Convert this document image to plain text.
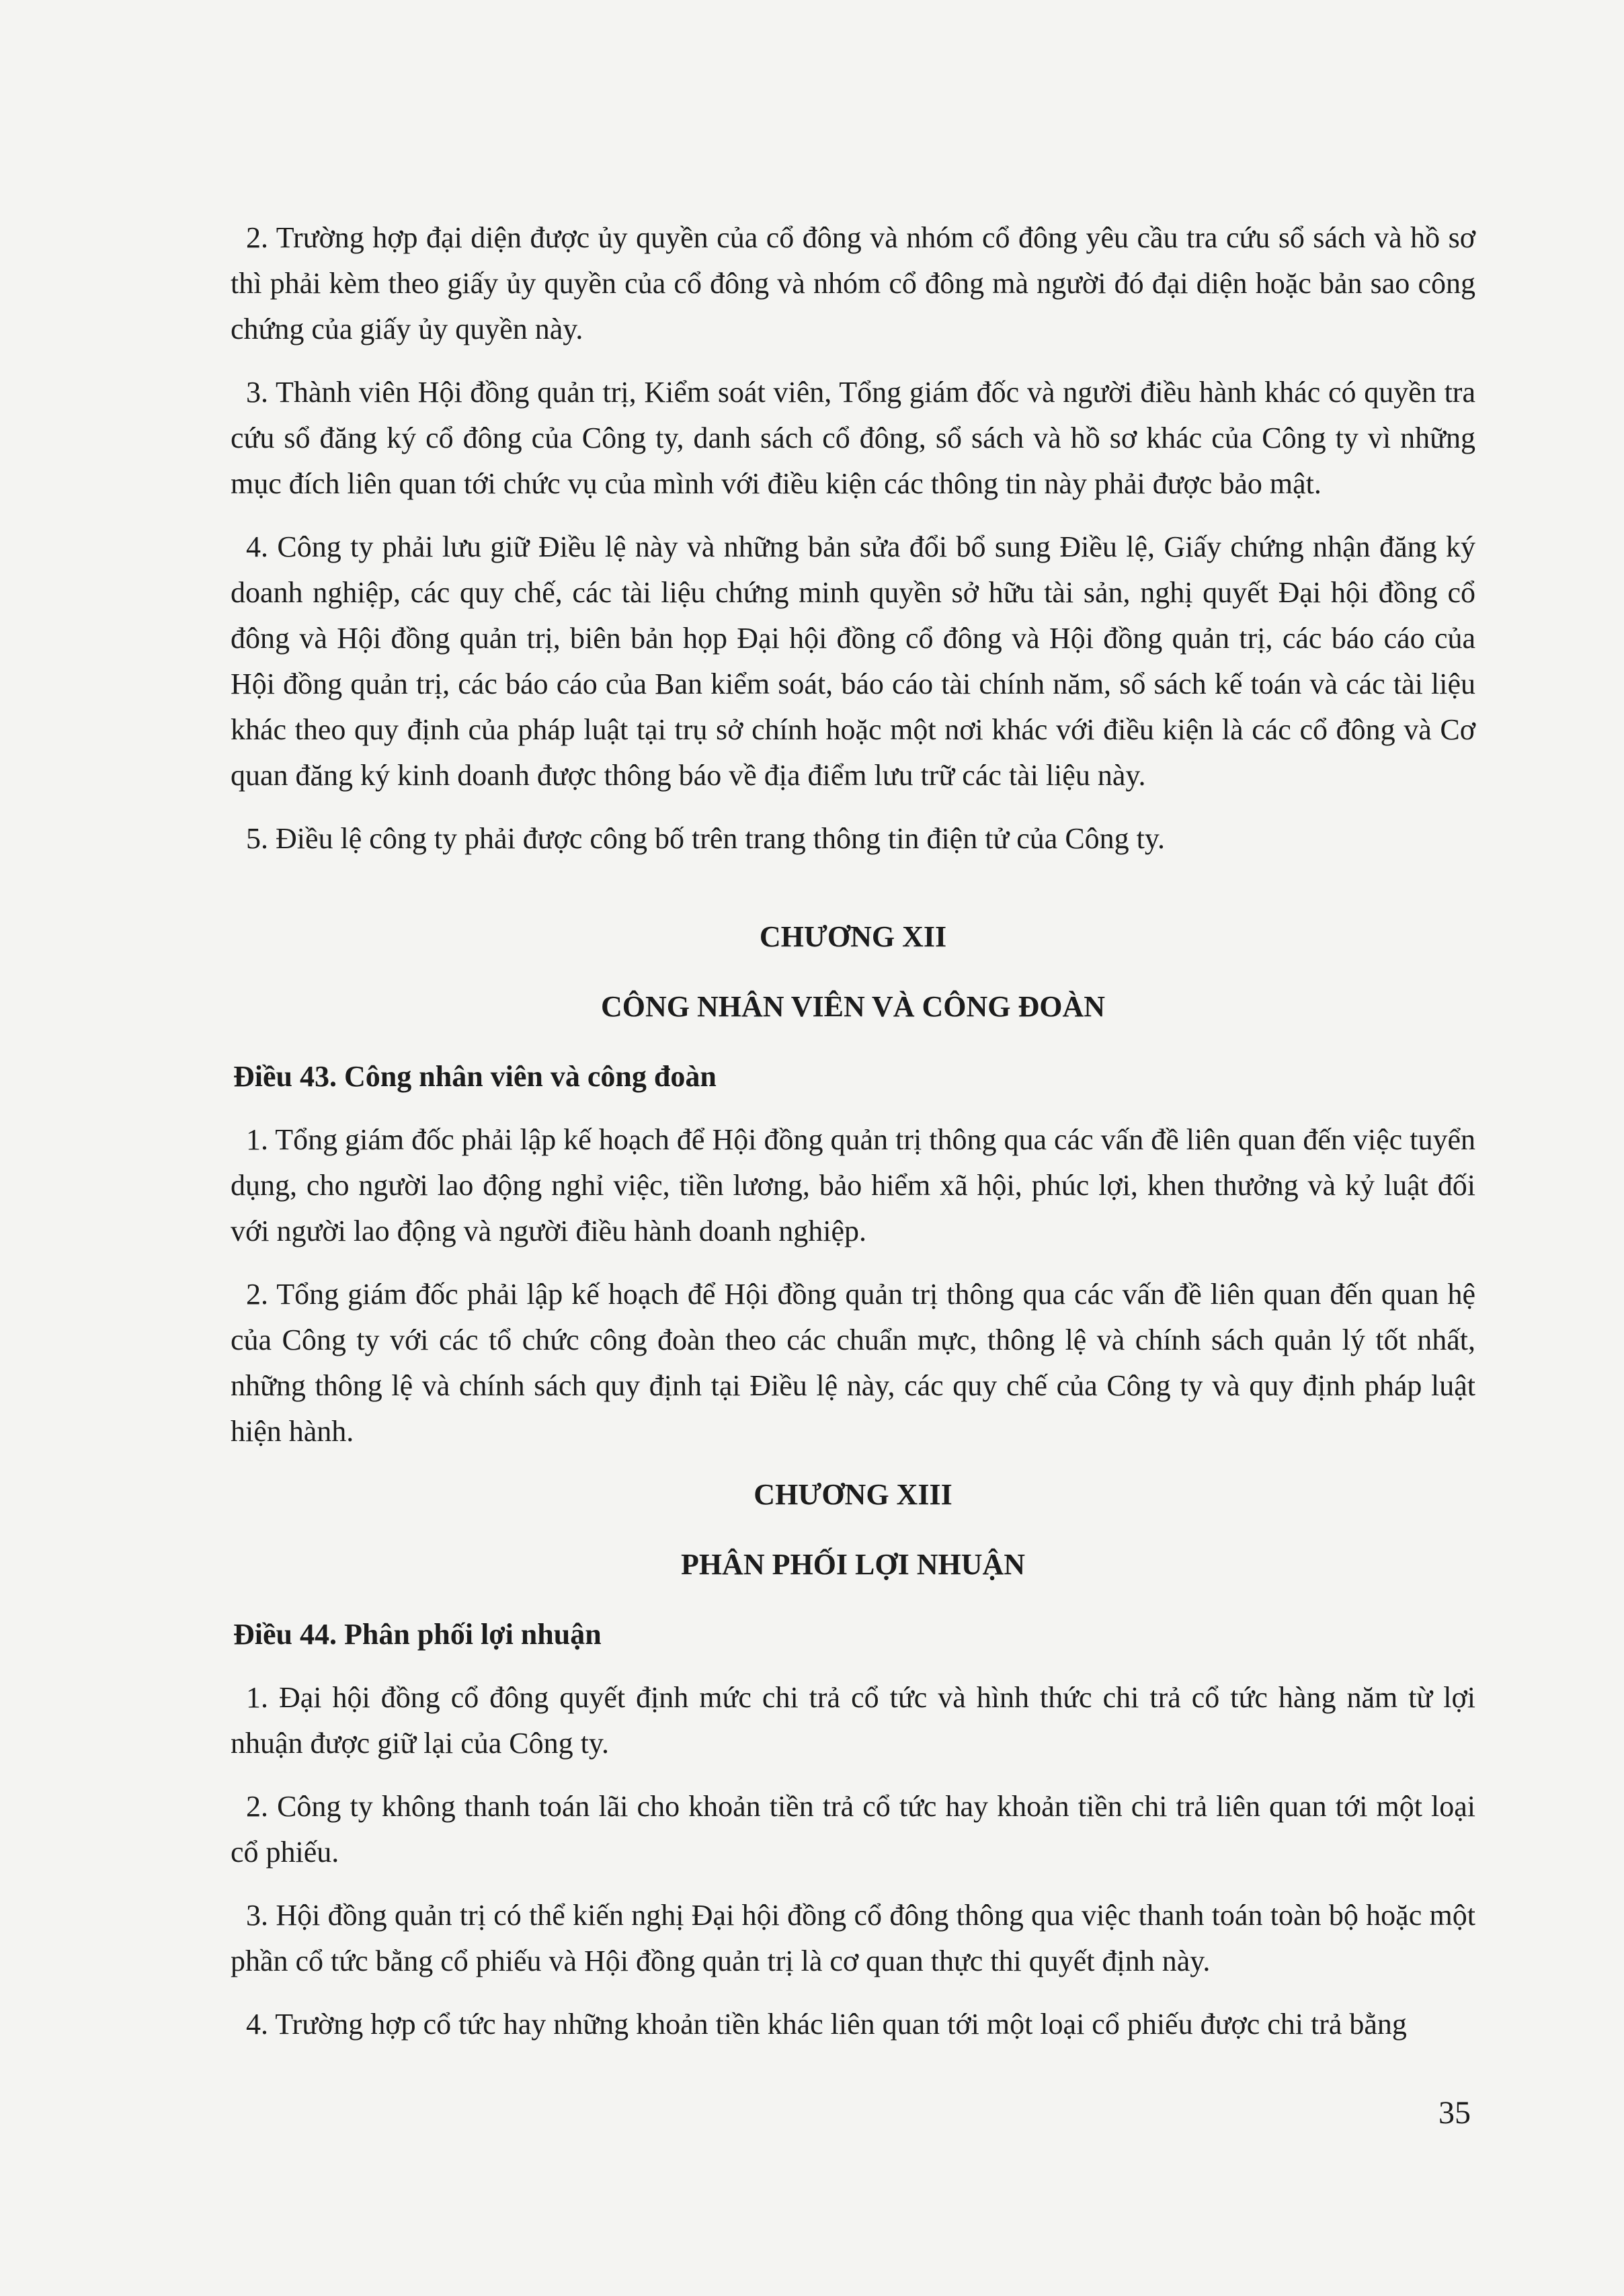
2. Trường hợp đại diện được ủy quyền của cổ đông và nhóm cổ đông yêu cầu tra cứu sổ sách và hồ sơ thì phải kèm theo giấy ủy quyền của cổ đông và nhóm cổ đông mà người đó đại diện hoặc bản sao công chứng của giấy ủy quyền này.

3. Thành viên Hội đồng quản trị, Kiểm soát viên, Tổng giám đốc và người điều hành khác có quyền tra cứu sổ đăng ký cổ đông của Công ty, danh sách cổ đông, sổ sách và hồ sơ khác của Công ty vì những mục đích liên quan tới chức vụ của mình với điều kiện các thông tin này phải được bảo mật.

4. Công ty phải lưu giữ Điều lệ này và những bản sửa đổi bổ sung Điều lệ, Giấy chứng nhận đăng ký doanh nghiệp, các quy chế, các tài liệu chứng minh quyền sở hữu tài sản, nghị quyết Đại hội đồng cổ đông và Hội đồng quản trị, biên bản họp Đại hội đồng cổ đông và Hội đồng quản trị, các báo cáo của Hội đồng quản trị, các báo cáo của Ban kiểm soát, báo cáo tài chính năm, sổ sách kế toán và các tài liệu khác theo quy định của pháp luật tại trụ sở chính hoặc một nơi khác với điều kiện là các cổ đông và Cơ quan đăng ký kinh doanh được thông báo về địa điểm lưu trữ các tài liệu này.

5. Điều lệ công ty phải được công bố trên trang thông tin điện tử của Công ty.

CHƯƠNG XII

CÔNG NHÂN VIÊN VÀ CÔNG ĐOÀN

Điều 43. Công nhân viên và công đoàn

1. Tổng giám đốc phải lập kế hoạch để Hội đồng quản trị thông qua các vấn đề liên quan đến việc tuyển dụng, cho người lao động nghỉ việc, tiền lương, bảo hiểm xã hội, phúc lợi, khen thưởng và kỷ luật đối với người lao động và người điều hành doanh nghiệp.

2. Tổng giám đốc phải lập kế hoạch để Hội đồng quản trị thông qua các vấn đề liên quan đến quan hệ của Công ty với các tổ chức công đoàn theo các chuẩn mực, thông lệ và chính sách quản lý tốt nhất, những thông lệ và chính sách quy định tại Điều lệ này, các quy chế của Công ty và quy định pháp luật hiện hành.

CHƯƠNG XIII

PHÂN PHỐI LỢI NHUẬN

Điều 44. Phân phối lợi nhuận

1. Đại hội đồng cổ đông quyết định mức chi trả cổ tức và hình thức chi trả cổ tức hàng năm từ lợi nhuận được giữ lại của Công ty.

2. Công ty không thanh toán lãi cho khoản tiền trả cổ tức hay khoản tiền chi trả liên quan tới một loại cổ phiếu.

3. Hội đồng quản trị có thể kiến nghị Đại hội đồng cổ đông thông qua việc thanh toán toàn bộ hoặc một phần cổ tức bằng cổ phiếu và Hội đồng quản trị là cơ quan thực thi quyết định này.

4. Trường hợp cổ tức hay những khoản tiền khác liên quan tới một loại cổ phiếu được chi trả bằng

35
